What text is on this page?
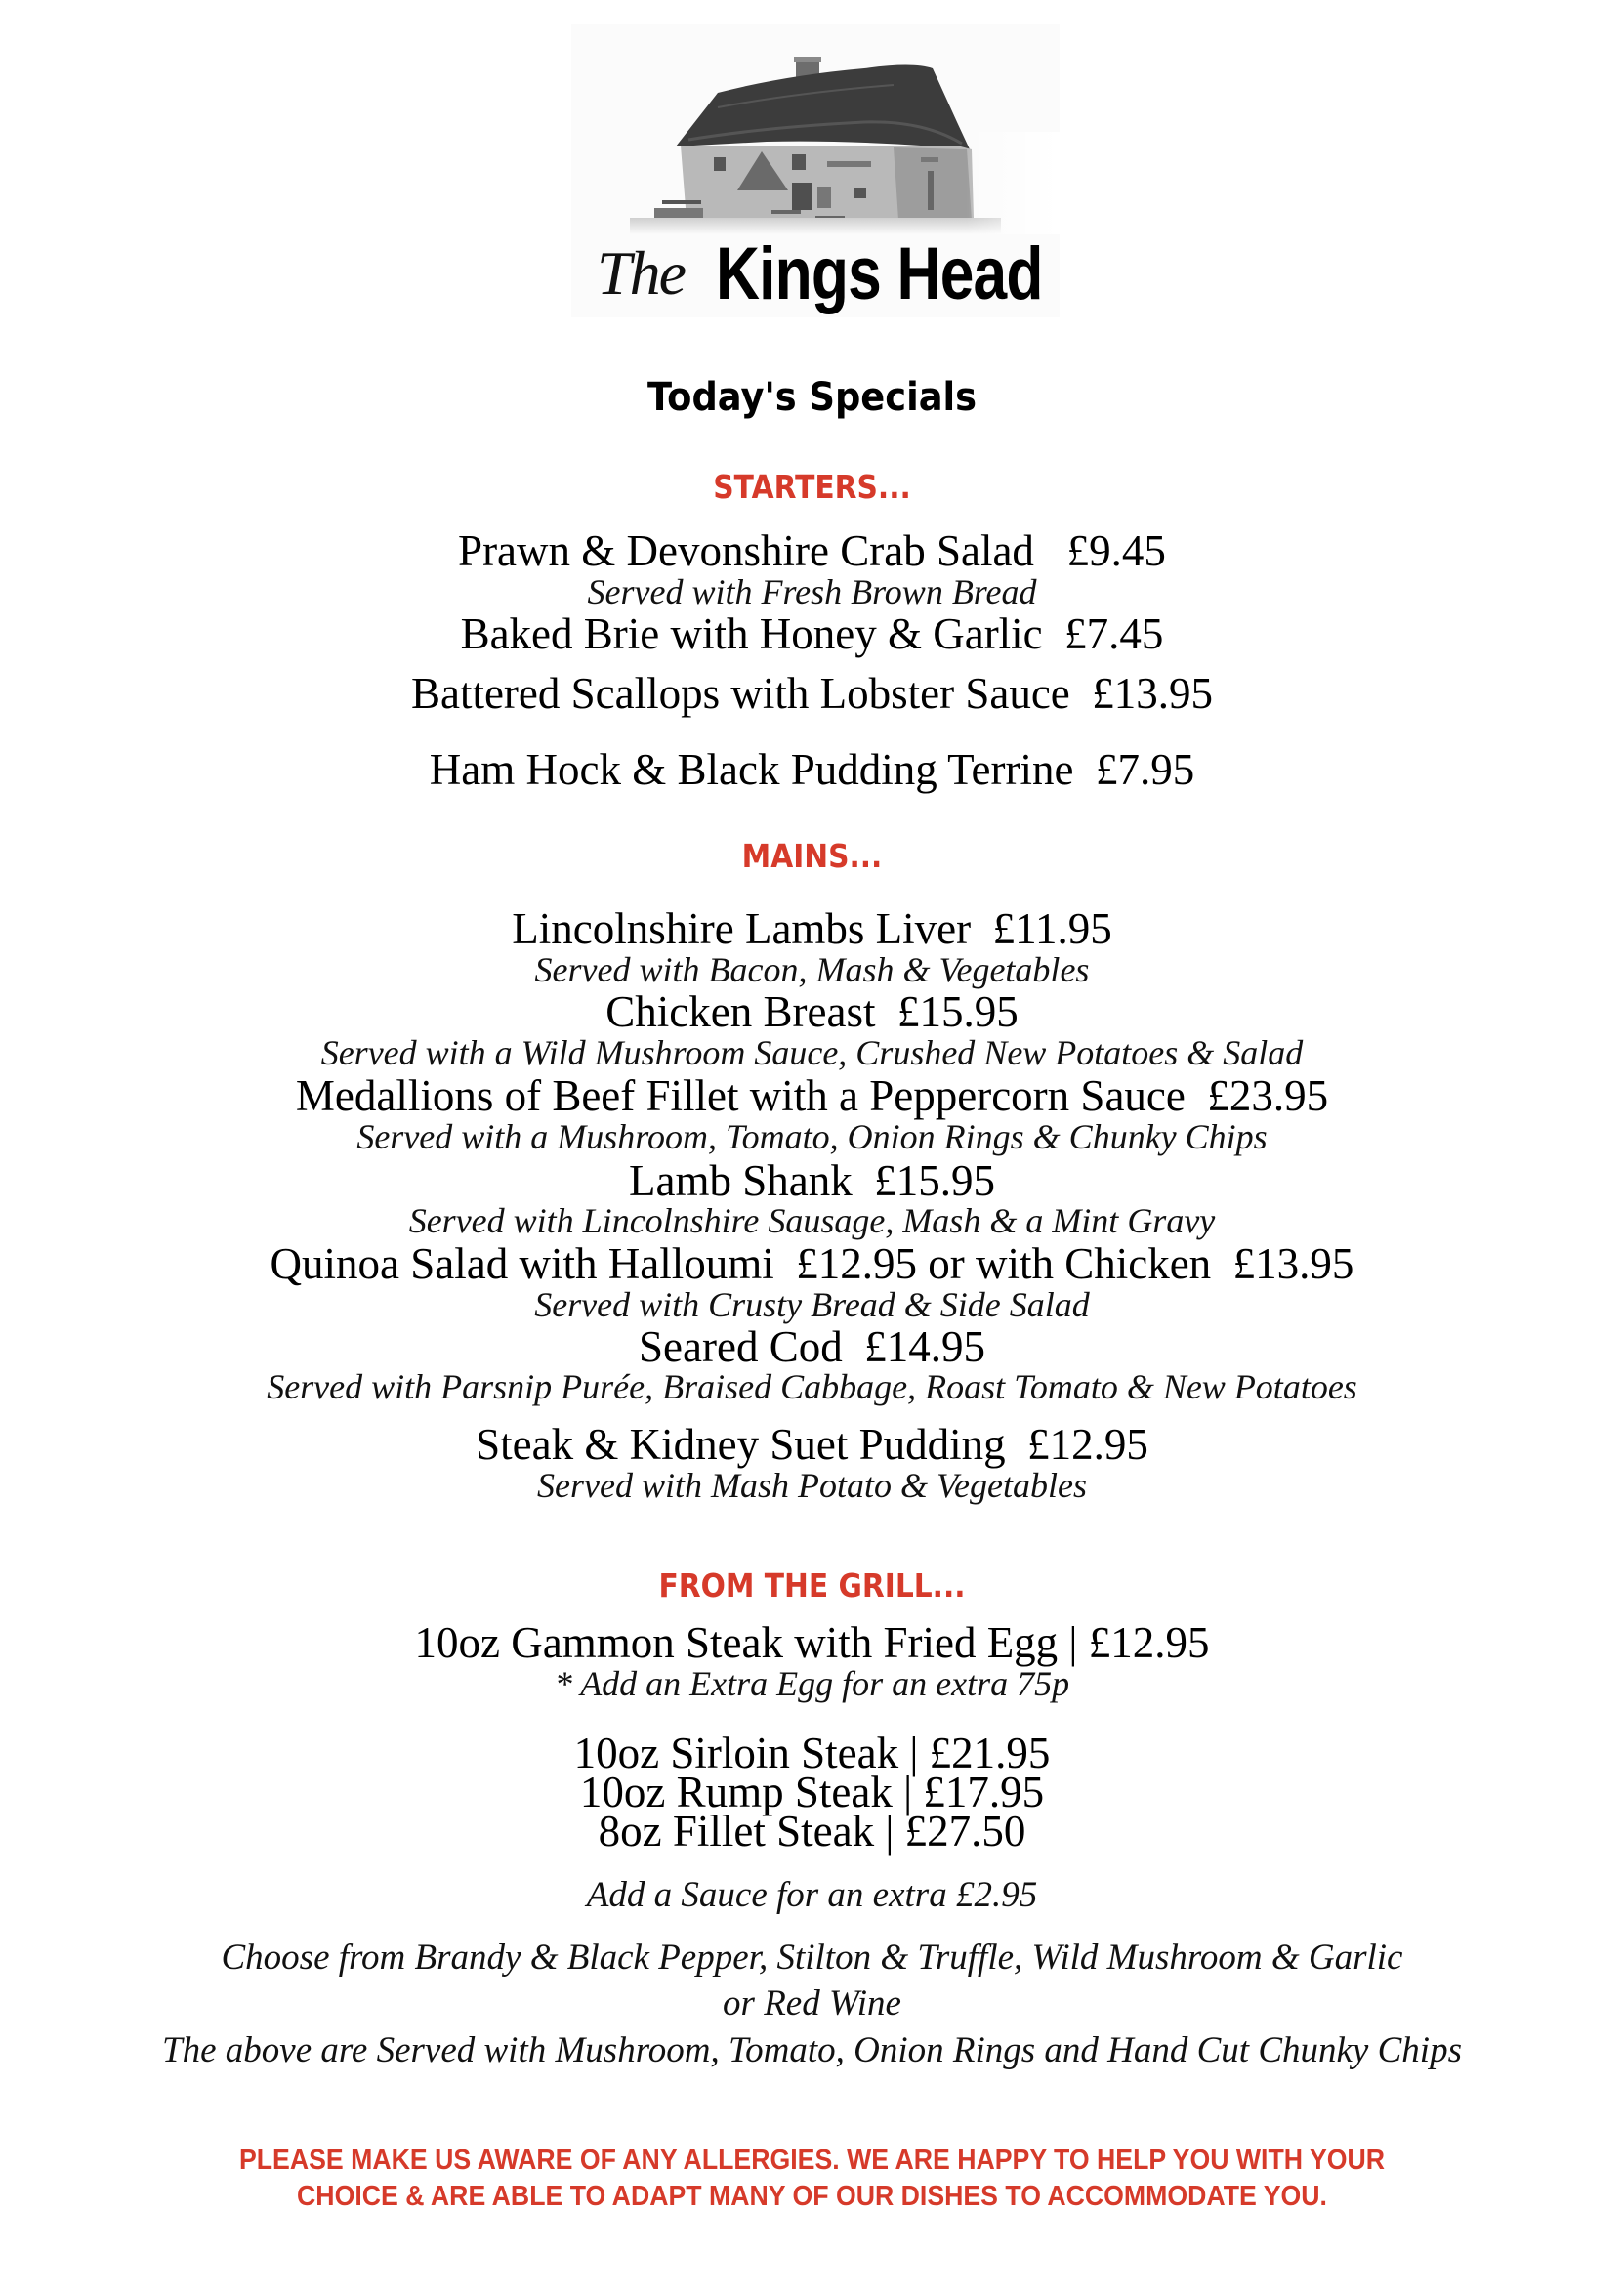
The Kings Head
Today's Specials
STARTERS...
Prawn & Devonshire Crab Salad   £9.45
Served with Fresh Brown Bread
Baked Brie with Honey & Garlic  £7.45
Battered Scallops with Lobster Sauce  £13.95
Ham Hock & Black Pudding Terrine  £7.95
MAINS...
Lincolnshire Lambs Liver  £11.95
Served with Bacon, Mash & Vegetables
Chicken Breast  £15.95
Served with a Wild Mushroom Sauce, Crushed New Potatoes & Salad
Medallions of Beef Fillet with a Peppercorn Sauce  £23.95
Served with a Mushroom, Tomato, Onion Rings & Chunky Chips
Lamb Shank  £15.95
Served with Lincolnshire Sausage, Mash & a Mint Gravy
Quinoa Salad with Halloumi  £12.95 or with Chicken  £13.95
Served with Crusty Bread & Side Salad
Seared Cod  £14.95
Served with Parsnip Purée, Braised Cabbage, Roast Tomato & New Potatoes
Steak & Kidney Suet Pudding  £12.95
Served with Mash Potato & Vegetables
FROM THE GRILL...
10oz Gammon Steak with Fried Egg | £12.95
* Add an Extra Egg for an extra 75p
10oz Sirloin Steak | £21.95
10oz Rump Steak | £17.95
8oz Fillet Steak | £27.50
Add a Sauce for an extra £2.95
Choose from Brandy & Black Pepper, Stilton & Truffle, Wild Mushroom & Garlic
or Red Wine
The above are Served with Mushroom, Tomato, Onion Rings and Hand Cut Chunky Chips
PLEASE MAKE US AWARE OF ANY ALLERGIES. WE ARE HAPPY TO HELP YOU WITH YOUR
CHOICE & ARE ABLE TO ADAPT MANY OF OUR DISHES TO ACCOMMODATE YOU.
